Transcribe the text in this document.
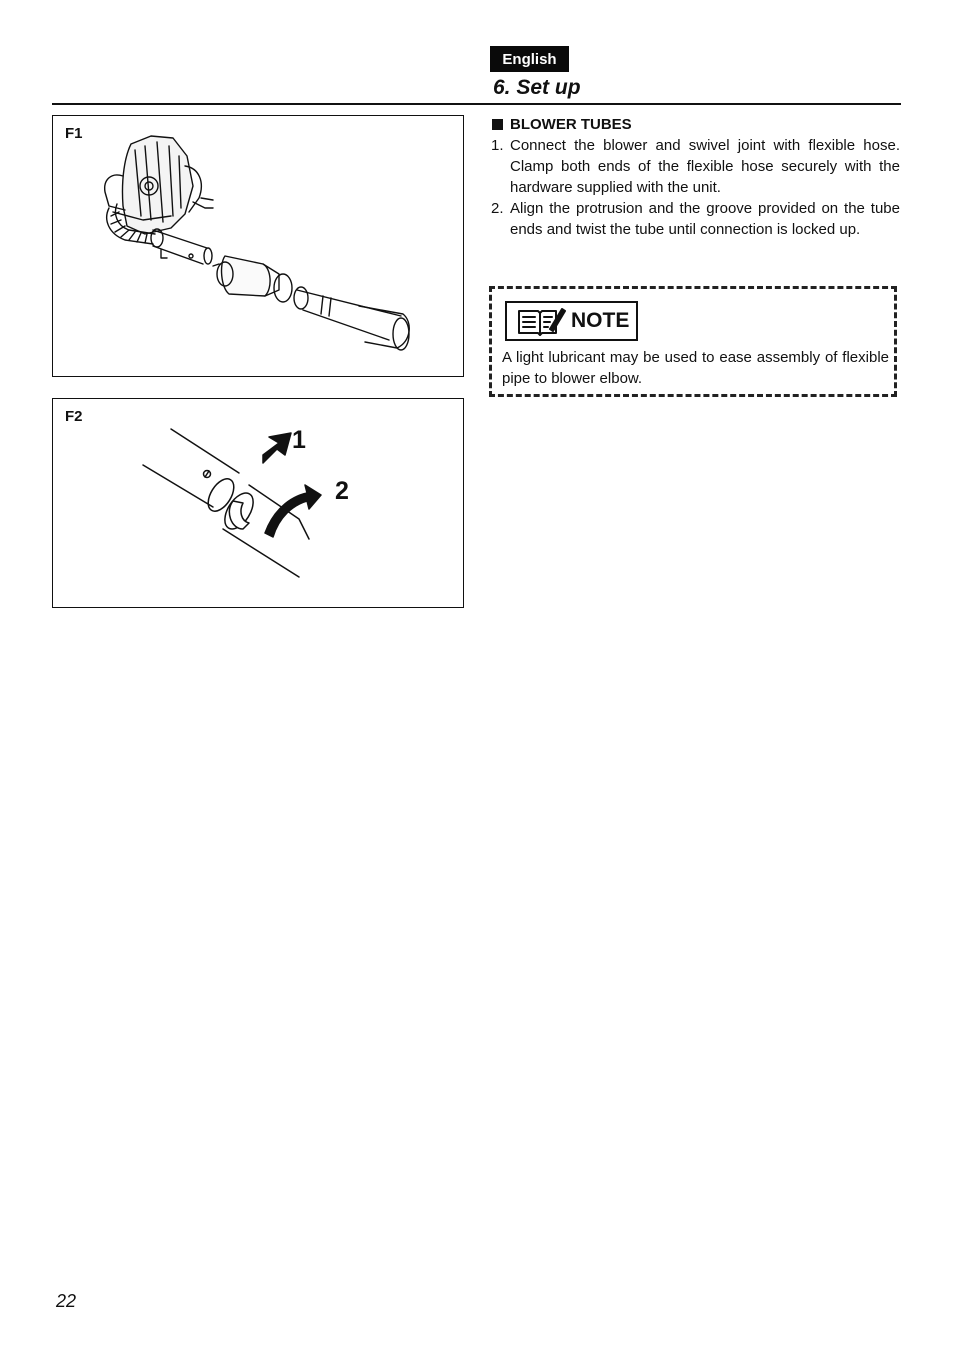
English
6. Set up
F1
F2
1
2
BLOWER TUBES
1. Connect the blower and swivel joint with flexible hose. Clamp both ends of the flexible hose securely with the hardware supplied with the unit.
2. Align the protrusion and the groove provided on the tube ends and twist the tube until connection is locked up.
NOTE
A light lubricant may be used to ease assembly of flexible pipe to blower elbow.
22
